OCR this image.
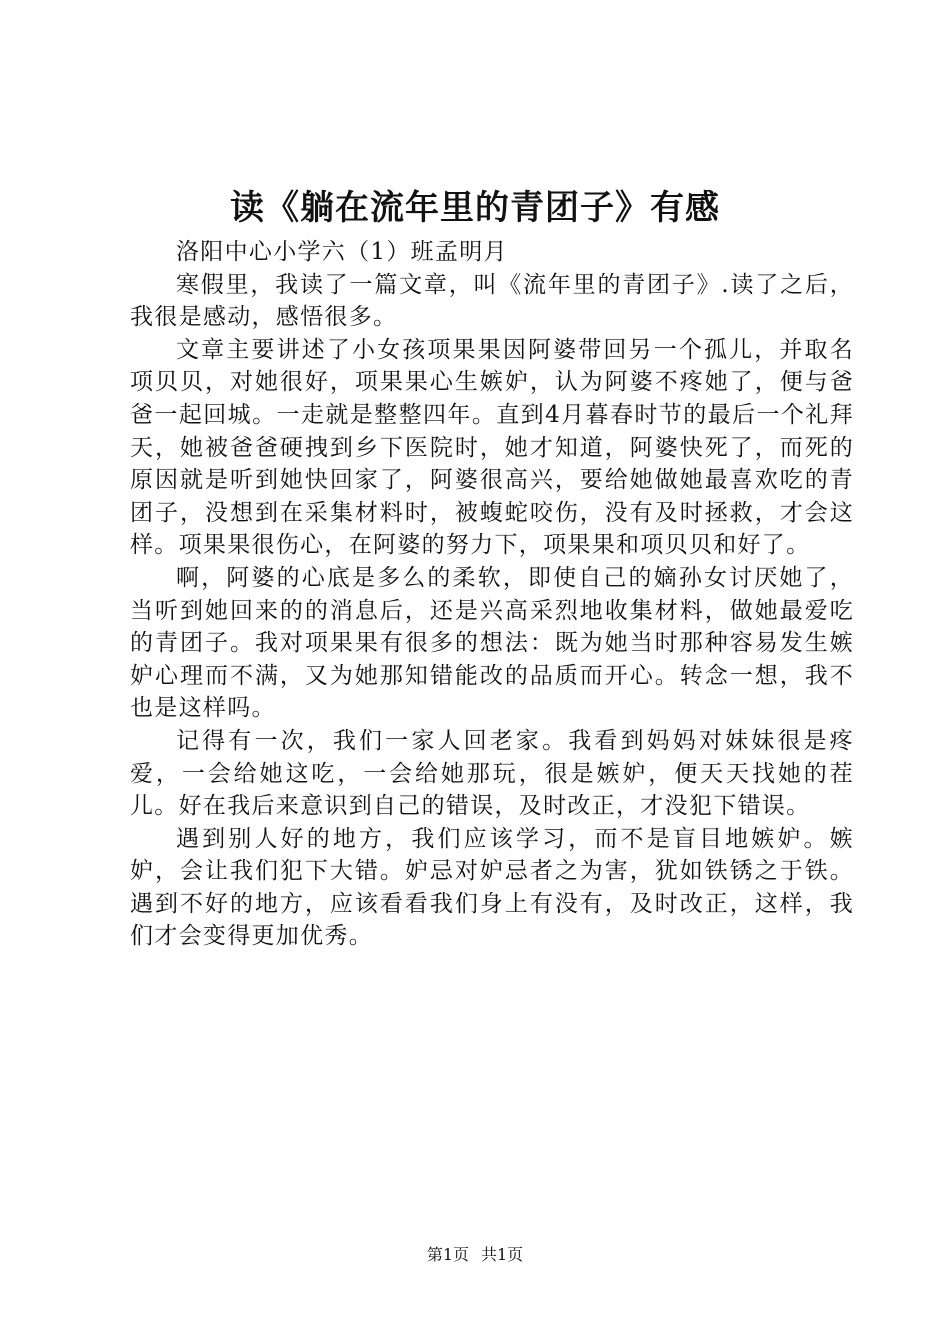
读《躺在流年里的青团子》有感

洛阳中心小学六（1）班孟明月

寒假里，我读了一篇文章，叫《流年里的青团子》.读了之后，我很是感动，感悟很多。

文章主要讲述了小女孩项果果因阿婆带回另一个孤儿，并取名项贝贝，对她很好，项果果心生嫉妒，认为阿婆不疼她了，便与爸爸一起回城。一走就是整整四年。直到4月暮春时节的最后一个礼拜天，她被爸爸硬拽到乡下医院时，她才知道，阿婆快死了，而死的原因就是听到她快回家了，阿婆很高兴，要给她做她最喜欢吃的青团子，没想到在采集材料时，被蝮蛇咬伤，没有及时拯救，才会这样。项果果很伤心，在阿婆的努力下，项果果和项贝贝和好了。

啊，阿婆的心底是多么的柔软，即使自己的嫡孙女讨厌她了，当听到她回来的的消息后，还是兴高采烈地收集材料，做她最爱吃的青团子。我对项果果有很多的想法：既为她当时那种容易发生嫉妒心理而不满，又为她那知错能改的品质而开心。转念一想，我不也是这样吗。

记得有一次，我们一家人回老家。我看到妈妈对妹妹很是疼爱，一会给她这吃，一会给她那玩，很是嫉妒，便天天找她的茬儿。好在我后来意识到自己的错误，及时改正，才没犯下错误。

遇到别人好的地方，我们应该学习，而不是盲目地嫉妒。嫉妒，会让我们犯下大错。妒忌对妒忌者之为害，犹如铁锈之于铁。遇到不好的地方，应该看看我们身上有没有，及时改正，这样，我们才会变得更加优秀。

第1页 共1页
